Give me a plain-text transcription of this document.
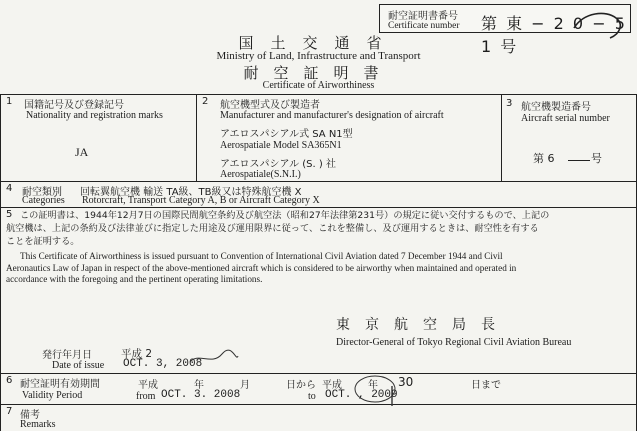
耐空証明書番号
Certificate number 第 東 − 2 0 − 5 1 号
国土交通省
Ministry of Land, Infrastructure and Transport
耐空証明書
Certificate of Airworthiness
1 国籍記号及び登録記号
Nationality and registration marks
JA
2 航空機型式及び製造者
Manufacturer and manufacturer's designation of aircraft
アエロスパシアル式 SA N1型
Aerospatiale Model SA365N1
アエロスパシアル (S. ) 社
Aerospatiale(S.N.I.)
3 航空機製造番号
Aircraft serial number
第 6	号
4 耐空類別 回転翼航空機 輸送 TA級、TB級又は特殊航空機 X
Categories Rotorcraft, Transport Category A, B or Aircraft Category X
5 この証明書は、1944年12月7日の国際民間航空条約及び航空法（昭和27年法律第231号）の規定に従い交付するもので、上記の
航空機は、上記の条約及び法律並びに指定した用途及び運用限界に従って、これを整備し、及び運用するときは、耐空性を有する
ことを証明する。
This Certificate of Airworthiness is issued pursuant to Convention of International Civil Aviation dated 7 December 1944 and Civil
Aeronautics Law of Japan in respect of the above-mentioned aircraft which is considered to be airworthy when maintained and operated in
accordance with the foregoing and the pertinent operating limitations.
東京航空局長
Director-General of Tokyo Regional Civil Aviation Bureau
発行年月日
Date of issue
平成 2
OCT. 3, 2008
6 耐空証明有効期間
Validity Period
平成	年	月	日から 平成	年 30	日まで
from OCT. 3. 2008	to OCT. , 2009
7 備考
Remarks
